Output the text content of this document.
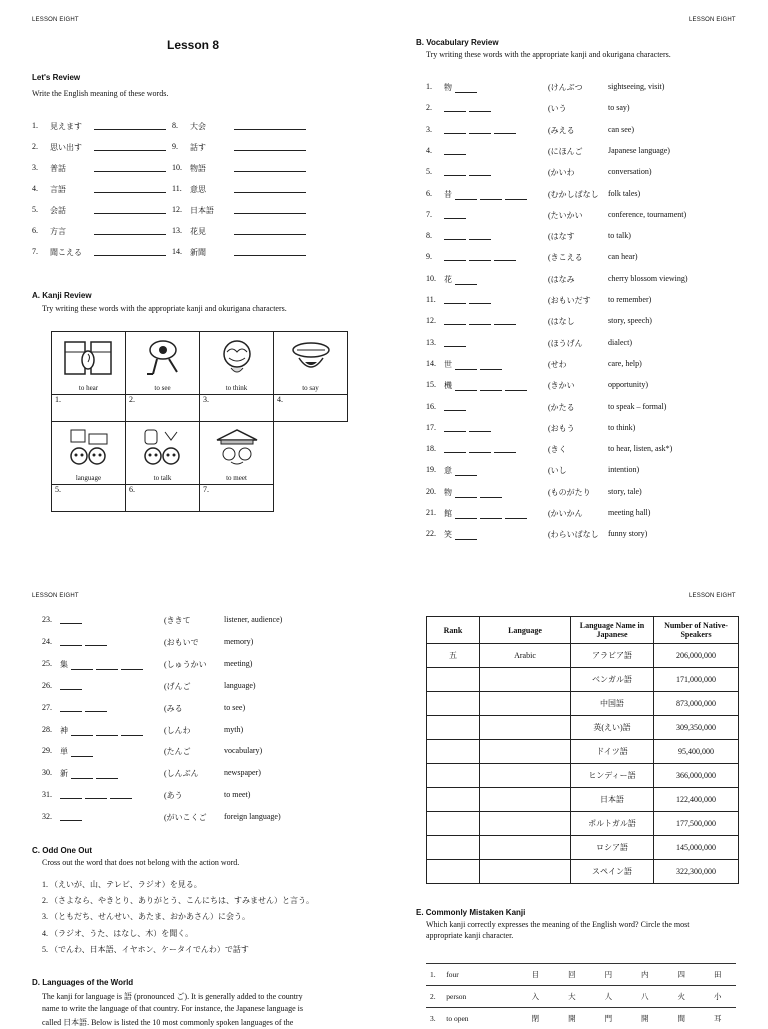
LESSON EIGHT	LESSON EIGHT
LESSON EIGHT	LESSON EIGHT
Lesson 8
Let's Review
Write the English meaning of these words.
1. 見えます
2. 思い出す
3. 普話
4. 言語
5. 会話
6. 方言
7. 聞こえる
8. 大会
9. 話す
10. 物語
11. 意思
12. 日本語
13. 花見
14. 新聞
A. Kanji Review
Try writing these words with the appropriate kanji and okurigana characters.
to hear	to see	to think	to say

1.	2.	3.	4.

language	to talk	to meet	

5.	6.	7.	
B. Vocabulary Review
Try writing these words with the appropriate kanji and okurigana characters.
1. 物	(けんぶつ	sightseeing, visit)
2.	(いう	to say)
3.	(みえる	can see)
4.	(にほんご	Japanese language)
5.	(かいわ	conversation)
6. 昔	(むかしばなし folk tales)
7.	(たいかい	conference, tournament)
8.	(はなす	to talk)
9.	(きこえる	can hear)
10. 花	(はなみ	cherry blossom viewing)
11.	(おもいだす to remember)
12.	(はなし	story, speech)
13.	(ほうげん	dialect)
14. 世	(せわ	care, help)
15. 機	(きかい	opportunity)
16.	(かたる	to speak – formal)
17.	(おもう	to think)
18.	(きく	to hear, listen, ask*)
19. 意	(いし	intention)
20. 物	(ものがたり story, tale)
21. 館	(かいかん	meeting hall)
22. 笑	(わらいばなし funny story)
23.	(ききて	listener, audience)
24.	(おもいで	memory)
25. 集	(しゅうかい meeting)
26.	(げんご	language)
27.	(みる	to see)
28. 神	(しんわ	myth)
29. 単	(たんご	vocabulary)
30. 新	(しんぶん	newspaper)
31.	(あう	to meet)
32.	(がいこくご foreign language)
C. Odd One Out
Cross out the word that does not belong with the action word.
1. （えいが、山、テレビ、ラジオ）を見る。
2. （さよなら、やきとり、ありがとう、こんにちは、すみません）と言う。
3. （ともだち、せんせい、あたま、おかあさん）に会う。
4. （ラジオ、うた、はなし、木）を聞く。
5. （でんわ、日本語、イヤホン、ケータイでんわ）で話す
D. Languages of the World
The kanji for language is 語 (pronounced ご). It is generally added to the country
name to write the language of that country. For instance, the Japanese language is
called 日本語. Below is listed the 10 most commonly spoken languages of the
Rank	Language	Language Name in Japanese	Number of Native-Speakers
五	Arabic	アラビア語	206,000,000
		ベンガル語	171,000,000
		中国語	873,000,000
		英(えい)語	309,350,000
		ドイツ語	95,400,000
		ヒンディー語	366,000,000
		日本語	122,400,000
		ポルトガル語	177,500,000
		ロシア語	145,000,000
		スペイン語	322,300,000
E. Commonly Mistaken Kanji
Which kanji correctly expresses the meaning of the English word? Circle the most
appropriate kanji character.
1.	four	目	回	円	内	四	田
2.	person	入	大	人	八	火	小
3.	to open	閉	開	門	開	間	耳
